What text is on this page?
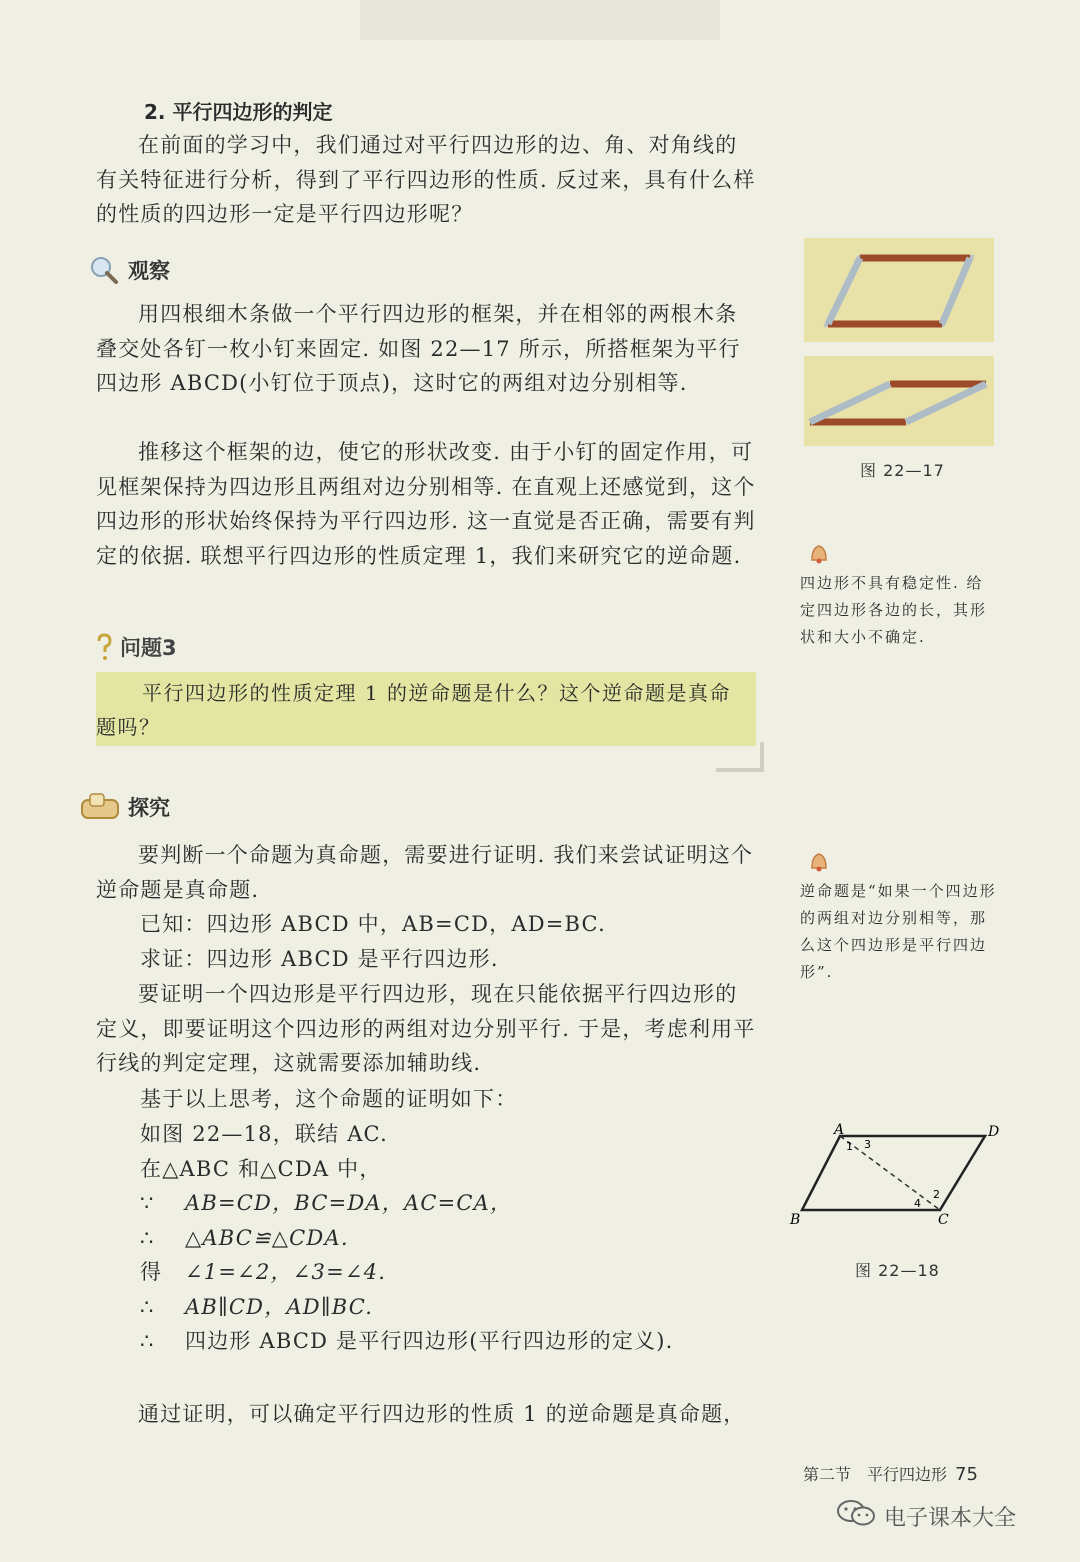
2. 平行四边形的判定
在前面的学习中，我们通过对平行四边形的边、角、对角线的有关特征进行分析，得到了平行四边形的性质. 反过来，具有什么样的性质的四边形一定是平行四边形呢？
观察
用四根细木条做一个平行四边形的框架，并在相邻的两根木条叠交处各钉一枚小钉来固定. 如图 22—17 所示，所搭框架为平行四边形 ABCD(小钉位于顶点)，这时它的两组对边分别相等.
推移这个框架的边，使它的形状改变. 由于小钉的固定作用，可见框架保持为四边形且两组对边分别相等. 在直观上还感觉到，这个四边形的形状始终保持为平行四边形. 这一直觉是否正确，需要有判定的依据. 联想平行四边形的性质定理 1，我们来研究它的逆命题.
问题3
平行四边形的性质定理 1 的逆命题是什么？这个逆命题是真命题吗？
探究
要判断一个命题为真命题，需要进行证明. 我们来尝试证明这个逆命题是真命题.
已知：四边形 ABCD 中，AB=CD，AD=BC.
求证：四边形 ABCD 是平行四边形.
要证明一个四边形是平行四边形，现在只能依据平行四边形的定义，即要证明这个四边形的两组对边分别平行. 于是，考虑利用平行线的判定定理，这就需要添加辅助线.
基于以上思考，这个命题的证明如下：
如图 22—18，联结 AC.
在△ABC 和△CDA 中，
∵	AB=CD，BC=DA，AC=CA，
∴	△ABC≌△CDA.
得	∠1=∠2，∠3=∠4.
∴	AB∥CD，AD∥BC.
∴	四边形 ABCD 是平行四边形(平行四边形的定义).
通过证明，可以确定平行四边形的性质 1 的逆命题是真命题，
图 22—17
四边形不具有稳定性. 给定四边形各边的长，其形状和大小不确定.
逆命题是“如果一个四边形的两组对边分别相等，那么这个四边形是平行四边形”.
A	D
B	C
1 3
2
4
图 22—18
第二节　平行四边形 75
电子课本大全
